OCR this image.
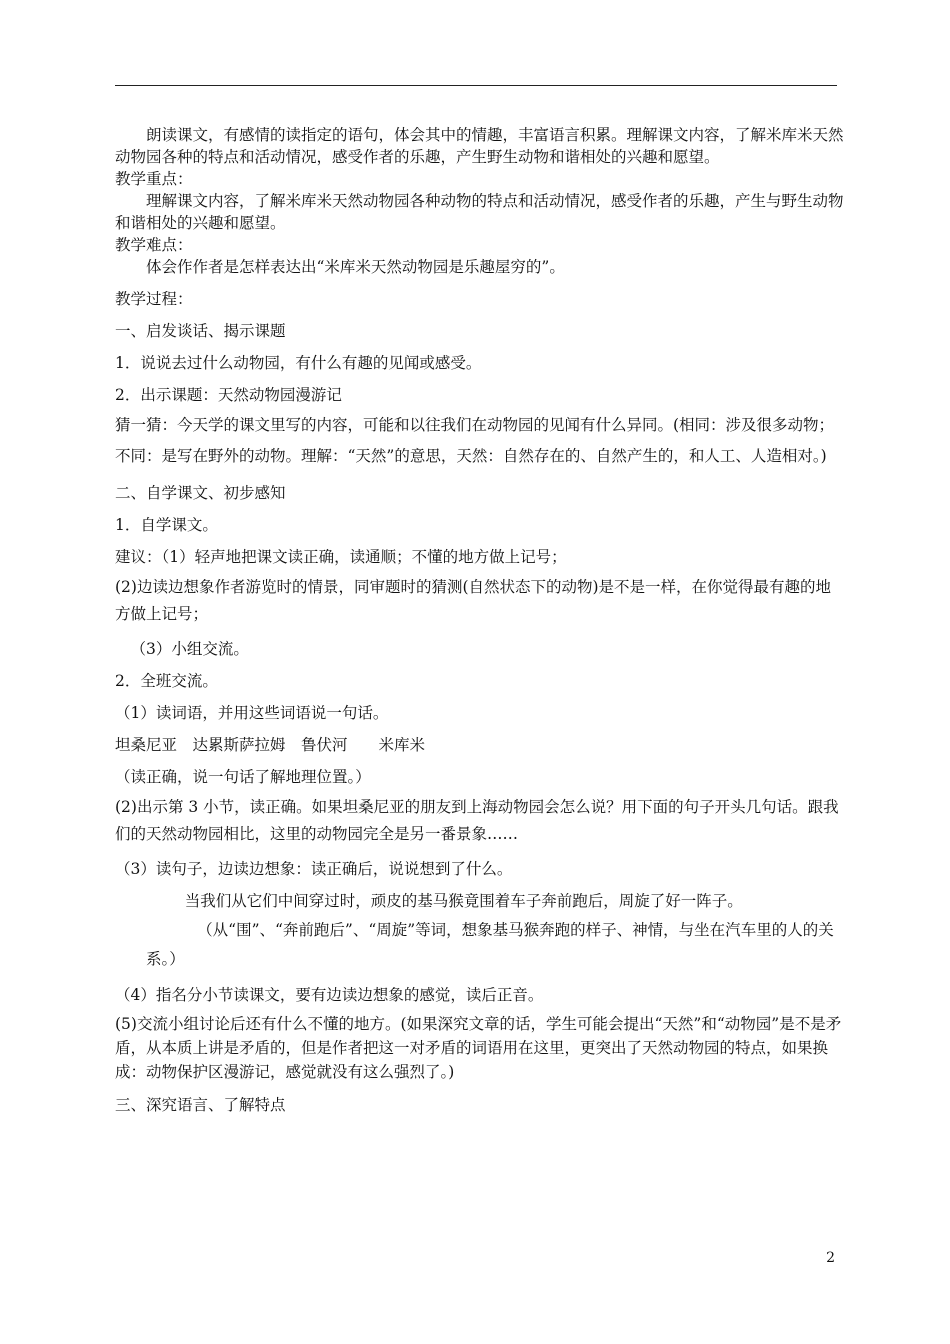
朗读课文，有感情的读指定的语句，体会其中的情趣，丰富语言积累。理解课文内容，了解米库米天然动物园各种的特点和活动情况，感受作者的乐趣，产生野生动物和谐相处的兴趣和愿望。

教学重点：

理解课文内容，了解米库米天然动物园各种动物的特点和活动情况，感受作者的乐趣，产生与野生动物和谐相处的兴趣和愿望。

教学难点：

体会作作者是怎样表达出“米库米天然动物园是乐趣屋穷的”。

教学过程：

一、启发谈话、揭示课题

1．说说去过什么动物园，有什么有趣的见闻或感受。

2．出示课题：天然动物园漫游记

猜一猜：今天学的课文里写的内容，可能和以往我们在动物园的见闻有什么异同。(相同：涉及很多动物；不同：是写在野外的动物。理解：“天然”的意思，天然：自然存在的、自然产生的，和人工、人造相对。)

二、自学课文、初步感知

1．自学课文。

建议：（1）轻声地把课文读正确，读通顺；不懂的地方做上记号；

(2)边读边想象作者游览时的情景，同审题时的猜测(自然状态下的动物)是不是一样，在你觉得最有趣的地方做上记号；

（3）小组交流。

2．全班交流。

（1）读词语，并用这些词语说一句话。

坦桑尼亚　达累斯萨拉姆　鲁伏河　　米库米

（读正确，说一句话了解地理位置。）

(2)出示第 3 小节，读正确。如果坦桑尼亚的朋友到上海动物园会怎么说？用下面的句子开头几句话。跟我们的天然动物园相比，这里的动物园完全是另一番景象……

（3）读句子，边读边想象：读正确后，说说想到了什么。

当我们从它们中间穿过时，顽皮的基马猴竟围着车子奔前跑后，周旋了好一阵子。

（从“围”、“奔前跑后”、“周旋”等词，想象基马猴奔跑的样子、神情，与坐在汽车里的人的关系。）

（4）指名分小节读课文，要有边读边想象的感觉，读后正音。

(5)交流小组讨论后还有什么不懂的地方。(如果深究文章的话，学生可能会提出“天然”和“动物园”是不是矛盾，从本质上讲是矛盾的，但是作者把这一对矛盾的词语用在这里，更突出了天然动物园的特点，如果换成：动物保护区漫游记，感觉就没有这么强烈了。)

三、深究语言、了解特点

2
